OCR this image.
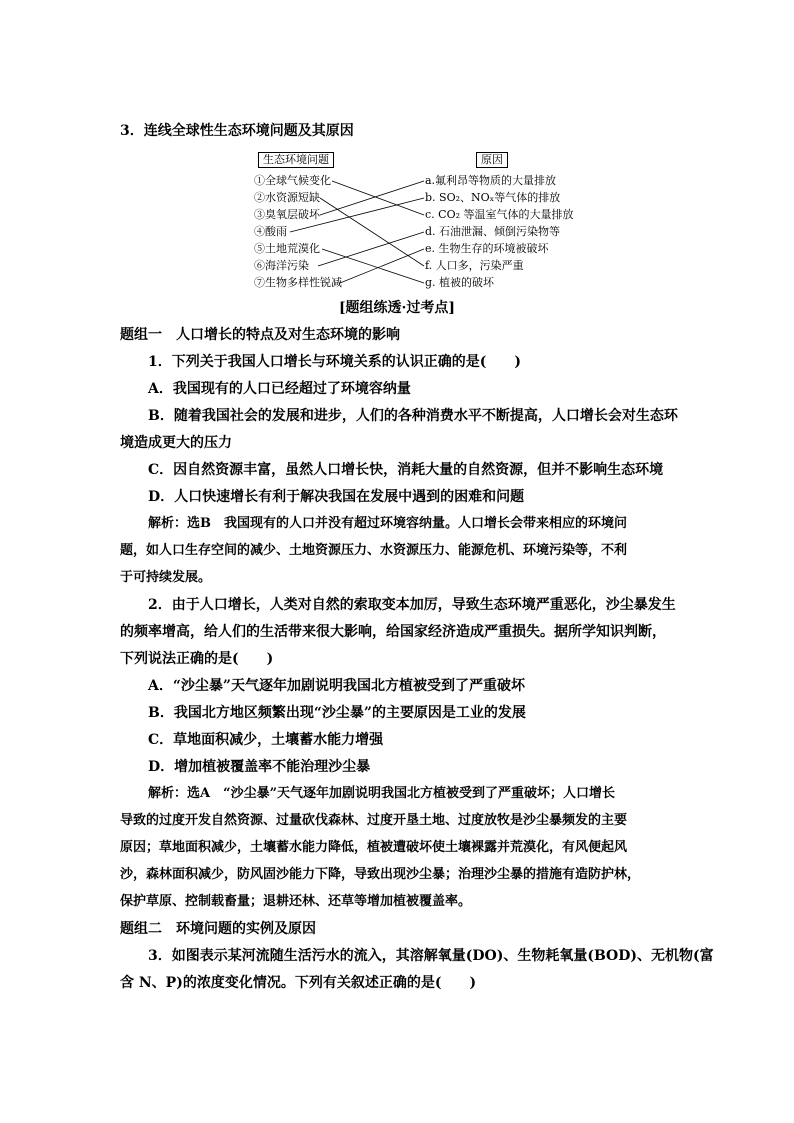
3．连线全球性生态环境问题及其原因
生态环境问题	原因
①全球气候变化
②水资源短缺
③臭氧层破坏
④酸雨
⑤土地荒漠化
⑥海洋污染
⑦生物多样性锐减
a.氟利昂等物质的大量排放
b. SO₂、NOₓ等气体的排放
c. CO₂ 等温室气体的大量排放
d. 石油泄漏、倾倒污染物等
e. 生物生存的环境被破坏
f. 人口多，污染严重
g. 植被的破坏
[题组练透·过考点]
题组一　人口增长的特点及对生态环境的影响
1．下列关于我国人口增长与环境关系的认识正确的是(　　)
A．我国现有的人口已经超过了环境容纳量
B．随着我国社会的发展和进步，人们的各种消费水平不断提高，人口增长会对生态环
境造成更大的压力
C．因自然资源丰富，虽然人口增长快，消耗大量的自然资源，但并不影响生态环境
D．人口快速增长有利于解决我国在发展中遇到的困难和问题
解析：选B　我国现有的人口并没有超过环境容纳量。人口增长会带来相应的环境问
题，如人口生存空间的减少、土地资源压力、水资源压力、能源危机、环境污染等，不利
于可持续发展。
2．由于人口增长，人类对自然的索取变本加厉，导致生态环境严重恶化，沙尘暴发生
的频率增高，给人们的生活带来很大影响，给国家经济造成严重损失。据所学知识判断，
下列说法正确的是(　　)
A．“沙尘暴”天气逐年加剧说明我国北方植被受到了严重破坏
B．我国北方地区频繁出现“沙尘暴”的主要原因是工业的发展
C．草地面积减少，土壤蓄水能力增强
D．增加植被覆盖率不能治理沙尘暴
解析：选A　“沙尘暴”天气逐年加剧说明我国北方植被受到了严重破坏；人口增长
导致的过度开发自然资源、过量砍伐森林、过度开垦土地、过度放牧是沙尘暴频发的主要
原因；草地面积减少，土壤蓄水能力降低，植被遭破坏使土壤裸露并荒漠化，有风便起风
沙，森林面积减少，防风固沙能力下降，导致出现沙尘暴；治理沙尘暴的措施有造防护林，
保护草原、控制载畜量；退耕还林、还草等增加植被覆盖率。
题组二　环境问题的实例及原因
3．如图表示某河流随生活污水的流入，其溶解氧量(DO)、生物耗氧量(BOD)、无机物(富
含 N、P)的浓度变化情况。下列有关叙述正确的是(　　)
